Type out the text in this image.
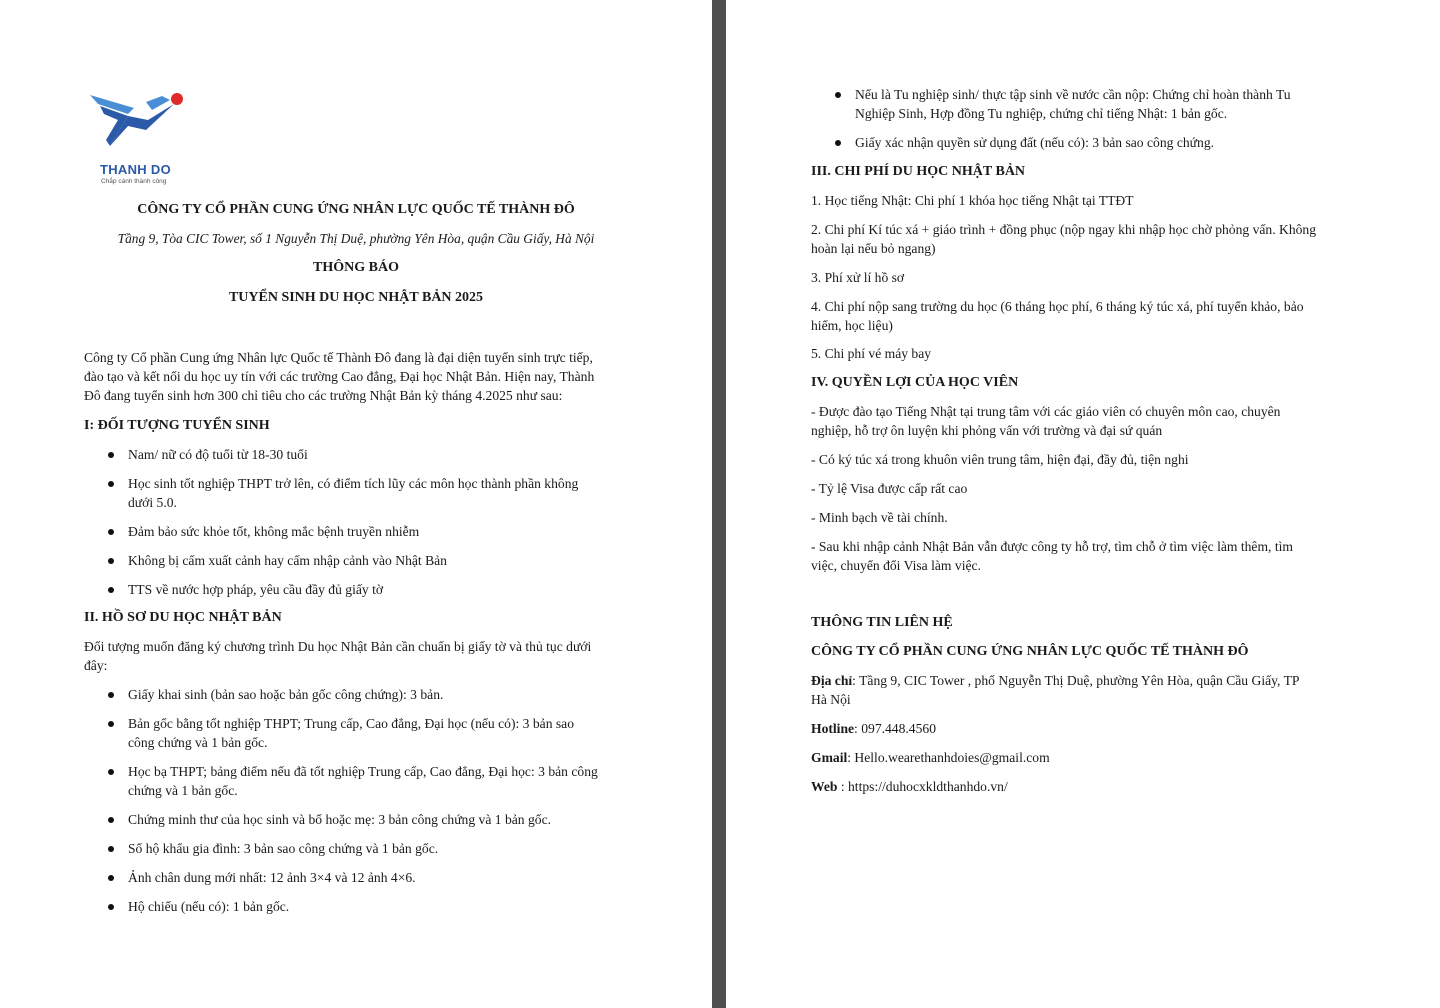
THANH DO
Chắp cánh thành công
CÔNG TY CỔ PHẦN CUNG ỨNG NHÂN LỰC QUỐC TẾ THÀNH ĐÔ
Tầng 9, Tòa CIC Tower, số 1 Nguyễn Thị Duệ, phường Yên Hòa, quận Cầu Giấy, Hà Nội
THÔNG BÁO
TUYỂN SINH DU HỌC NHẬT BẢN 2025
Công ty Cổ phần Cung ứng Nhân lực Quốc tế Thành Đô đang là đại diện tuyển sinh trực tiếp,
đào tạo và kết nối du học uy tín với các trường Cao đẳng, Đại học Nhật Bản. Hiện nay, Thành
Đô đang tuyển sinh hơn 300 chỉ tiêu cho các trường Nhật Bản kỳ tháng 4.2025 như sau:
I: ĐỐI TƯỢNG TUYỂN SINH
Nam/ nữ có độ tuổi từ 18-30 tuổi
Học sinh tốt nghiệp THPT trở lên, có điểm tích lũy các môn học thành phần không
dưới 5.0.
Đảm bảo sức khỏe tốt, không mắc bệnh truyền nhiễm
Không bị cấm xuất cảnh hay cấm nhập cảnh vào Nhật Bản
TTS về nước hợp pháp, yêu cầu đầy đủ giấy tờ
II. HỒ SƠ DU HỌC NHẬT BẢN
Đối tượng muốn đăng ký chương trình Du học Nhật Bản cần chuẩn bị giấy tờ và thủ tục dưới
đây:
Giấy khai sinh (bản sao hoặc bản gốc công chứng): 3 bản.
Bản gốc bằng tốt nghiệp THPT; Trung cấp, Cao đẳng, Đại học (nếu có): 3 bản sao
công chứng và 1 bản gốc.
Học bạ THPT; bảng điểm nếu đã tốt nghiệp Trung cấp, Cao đẳng, Đại học: 3 bản công
chứng và 1 bản gốc.
Chứng minh thư của học sinh và bố hoặc mẹ: 3 bản công chứng và 1 bản gốc.
Sổ hộ khẩu gia đình: 3 bản sao công chứng và 1 bản gốc.
Ảnh chân dung mới nhất: 12 ảnh 3×4 và 12 ảnh 4×6.
Hộ chiếu (nếu có): 1 bản gốc.
Nếu là Tu nghiệp sinh/ thực tập sinh về nước cần nộp: Chứng chỉ hoàn thành Tu
Nghiệp Sinh, Hợp đồng Tu nghiệp, chứng chỉ tiếng Nhật: 1 bản gốc.
Giấy xác nhận quyền sử dụng đất (nếu có): 3 bản sao công chứng.
III. CHI PHÍ DU HỌC NHẬT BẢN
1. Học tiếng Nhật: Chi phí 1 khóa học tiếng Nhật tại TTĐT
2. Chi phí Kí túc xá + giáo trình + đồng phục (nộp ngay khi nhập học chờ phỏng vấn. Không
hoàn lại nếu bỏ ngang)
3. Phí xử lí hồ sơ
4. Chi phí nộp sang trường du học (6 tháng học phí, 6 tháng ký túc xá, phí tuyển khảo, bảo
hiểm, học liệu)
5. Chi phí vé máy bay
IV. QUYỀN LỢI CỦA HỌC VIÊN
- Được đào tạo Tiếng Nhật tại trung tâm với các giáo viên có chuyên môn cao, chuyên
nghiệp, hỗ trợ ôn luyện khi phỏng vấn với trường và đại sứ quán
- Có ký túc xá trong khuôn viên trung tâm, hiện đại, đầy đủ, tiện nghi
- Tỷ lệ Visa được cấp rất cao
- Minh bạch về tài chính.
- Sau khi nhập cảnh Nhật Bản vẫn được công ty hỗ trợ, tìm chỗ ở tìm việc làm thêm, tìm
việc, chuyển đổi Visa làm việc.
THÔNG TIN LIÊN HỆ
CÔNG TY CỔ PHẦN CUNG ỨNG NHÂN LỰC QUỐC TẾ THÀNH ĐÔ
Địa chỉ: Tầng 9, CIC Tower , phố Nguyễn Thị Duệ, phường Yên Hòa, quận Cầu Giấy, TP
Hà Nội
Hotline: 097.448.4560
Gmail: Hello.wearethanhdoies@gmail.com
Web : https://duhocxkldthanhdo.vn/
